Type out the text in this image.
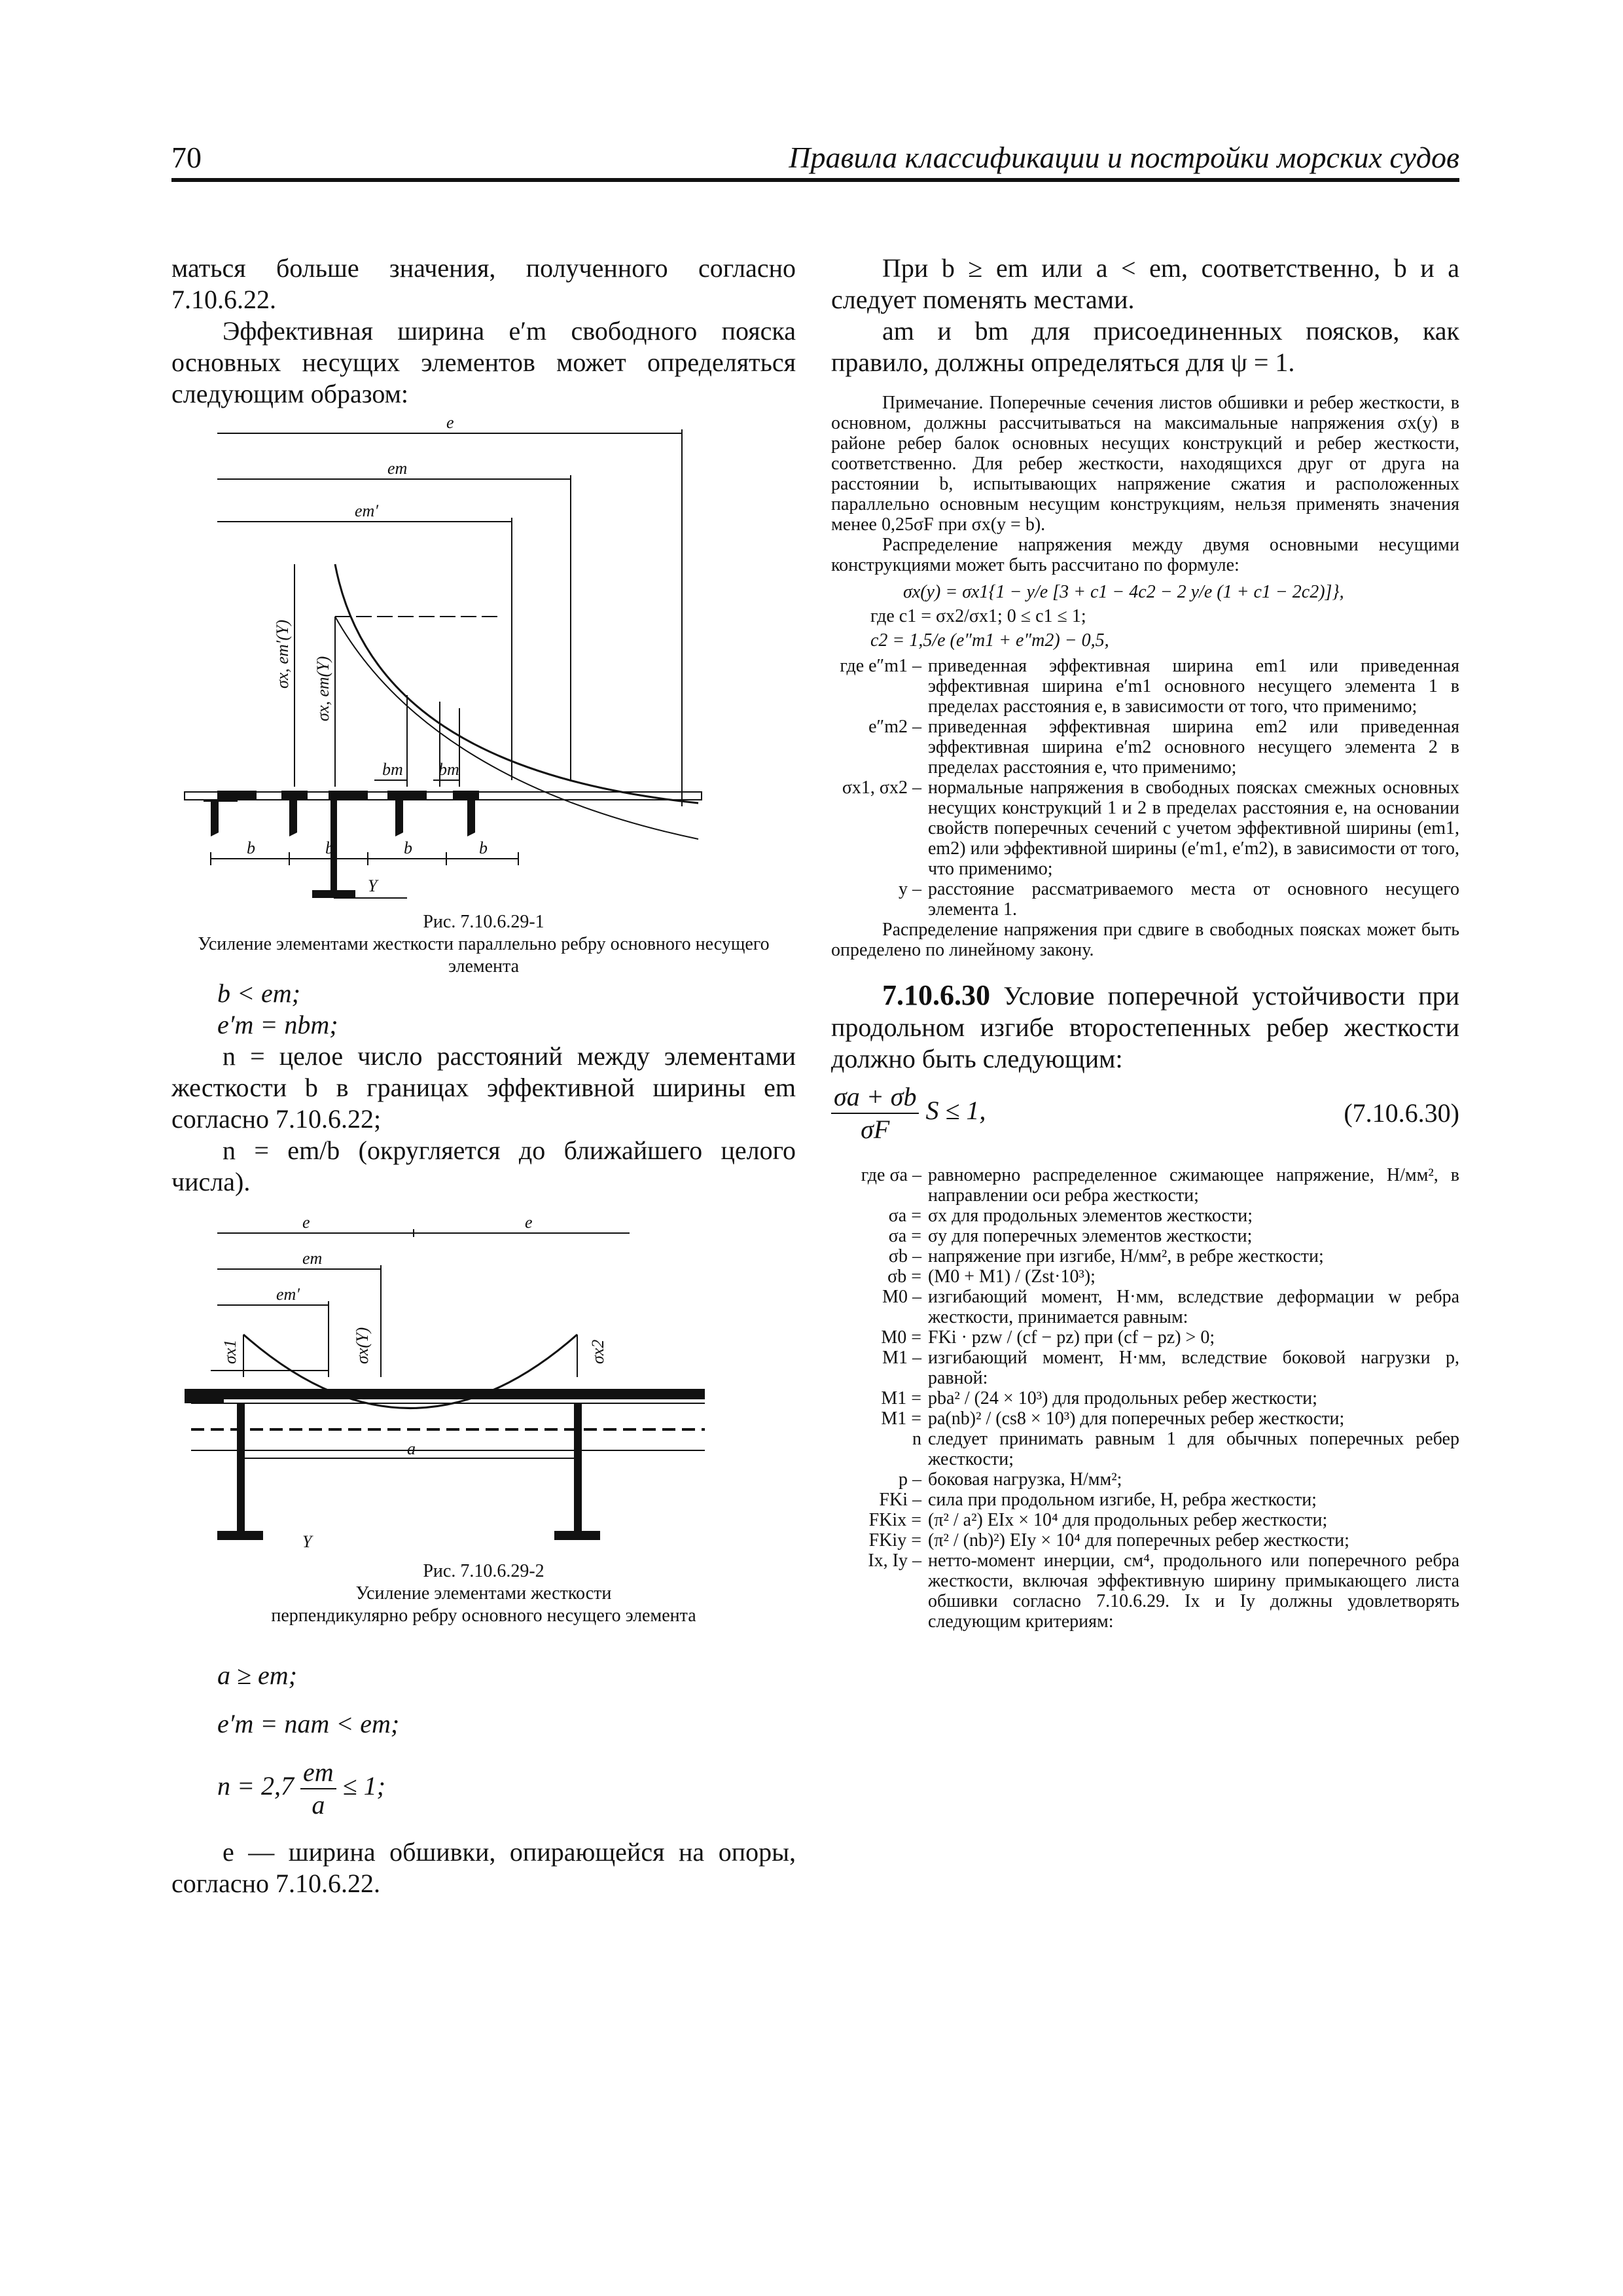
70	Правила классификации и постройки морских судов

маться больше значения, полученного согласно 7.10.6.22.

Эффективная ширина e′m свободного пояска основных несущих элементов может определяться следующим образом:

e
em
em′
σx, em′(Y)
σx, em(Y)
bm bm
b	b	b	b
Y

Рис. 7.10.6.29-1

Усиление элементами жесткости параллельно ребру основного несущего элемента

b < em;

e′m = nbm;

n = целое число расстояний между элементами жесткости b в границах эффективной ширины em согласно 7.10.6.22;

n = em/b (округляется до ближайшего целого числа).

e	e
em
em′
σx1	σx(Y)	σx2
a
Y

Рис. 7.10.6.29-2

Усиление элементами жесткости

перпендикулярно ребру основного несущего элемента

a ≥ em;

e′m = nam < em;

$n = 2,7 \frac{em}{a} \le 1$;

e — ширина обшивки, опирающейся на опоры, согласно 7.10.6.22.

При b ≥ em или a < em, соответственно, b и a следует поменять местами.

am и bm для присоединенных поясков, как правило, должны определяться для ψ = 1.

Примечание. Поперечные сечения листов обшивки и ребер жесткости, в основном, должны рассчитываться на максимальные напряжения σx(y) в районе ребер балок основных несущих конструкций и ребер жесткости, соответственно. Для ребер жесткости, находящихся друг от друга на расстоянии b, испытывающих напряжение сжатия и расположенных параллельно основным несущим конструкциям, нельзя применять значения менее 0,25σF при σx(y = b).

Распределение напряжения между двумя основными несущими конструкциями может быть рассчитано по формуле:

σx(y) = σx1{1 − y/e [3 + c1 − 4c2 − 2 y/e (1 + c1 − 2c2)]},

где c1 = σx2/σx1; 0 ≤ c1 ≤ 1;

c2 = 1,5/e (e″m1 + e″m2) − 0,5,

где e″m1 – приведенная эффективная ширина em1 или приведенная эффективная ширина e′m1 основного несущего элемента 1 в пределах расстояния e, в зависимости от того, что применимо;
e″m2 – приведенная эффективная ширина em2 или приведенная эффективная ширина e′m2 основного несущего элемента 2 в пределах расстояния e, что применимо;
σx1, σx2 – нормальные напряжения в свободных поясках смежных основных несущих конструкций 1 и 2 в пределах расстояния e, на основании свойств поперечных сечений с учетом эффективной ширины (em1, em2) или эффективной ширины (e′m1, e′m2), в зависимости от того, что применимо;
y – расстояние рассматриваемого места от основного несущего элемента 1.

Распределение напряжения при сдвиге в свободных поясках может быть определено по линейному закону.

7.10.6.30 Условие поперечной устойчивости при продольном изгибе второстепенных ребер жесткости должно быть следующим:

$\frac{\sigma a + \sigma b}{\sigma F}$ S ≤ 1,	(7.10.6.30)
где σa – равномерно распределенное сжимающее напряжение, Н/мм², в направлении оси ребра жесткости;
σa = σx для продольных элементов жесткости;
σa = σy для поперечных элементов жесткости;
σb – напряжение при изгибе, Н/мм², в ребре жесткости;
σb = (M0 + M1) / (Zst·10³);
M0 – изгибающий момент, Н·мм, вследствие деформации w ребра жесткости, принимается равным:
M0 = FKi · pzw / (cf − pz) при (cf − pz) > 0;
M1 – изгибающий момент, Н·мм, вследствие боковой нагрузки p, равной:
M1 = pba² / (24 × 10³) для продольных ребер жесткости;
M1 = pa(nb)² / (cs8 × 10³) для поперечных ребер жесткости;
n следует принимать равным 1 для обычных поперечных ребер жесткости;
p – боковая нагрузка, Н/мм²;
FKi – сила при продольном изгибе, Н, ребра жесткости;
FKix = (π² / a²) EIx × 10⁴ для продольных ребер жесткости;
FKiy = (π² / (nb)²) EIy × 10⁴ для поперечных ребер жесткости;
Ix, Iy – нетто-момент инерции, см⁴, продольного или поперечного ребра жесткости, включая эффективную ширину примыкающего листа обшивки согласно 7.10.6.29. Ix и Iy должны удовлетворять следующим критериям:
